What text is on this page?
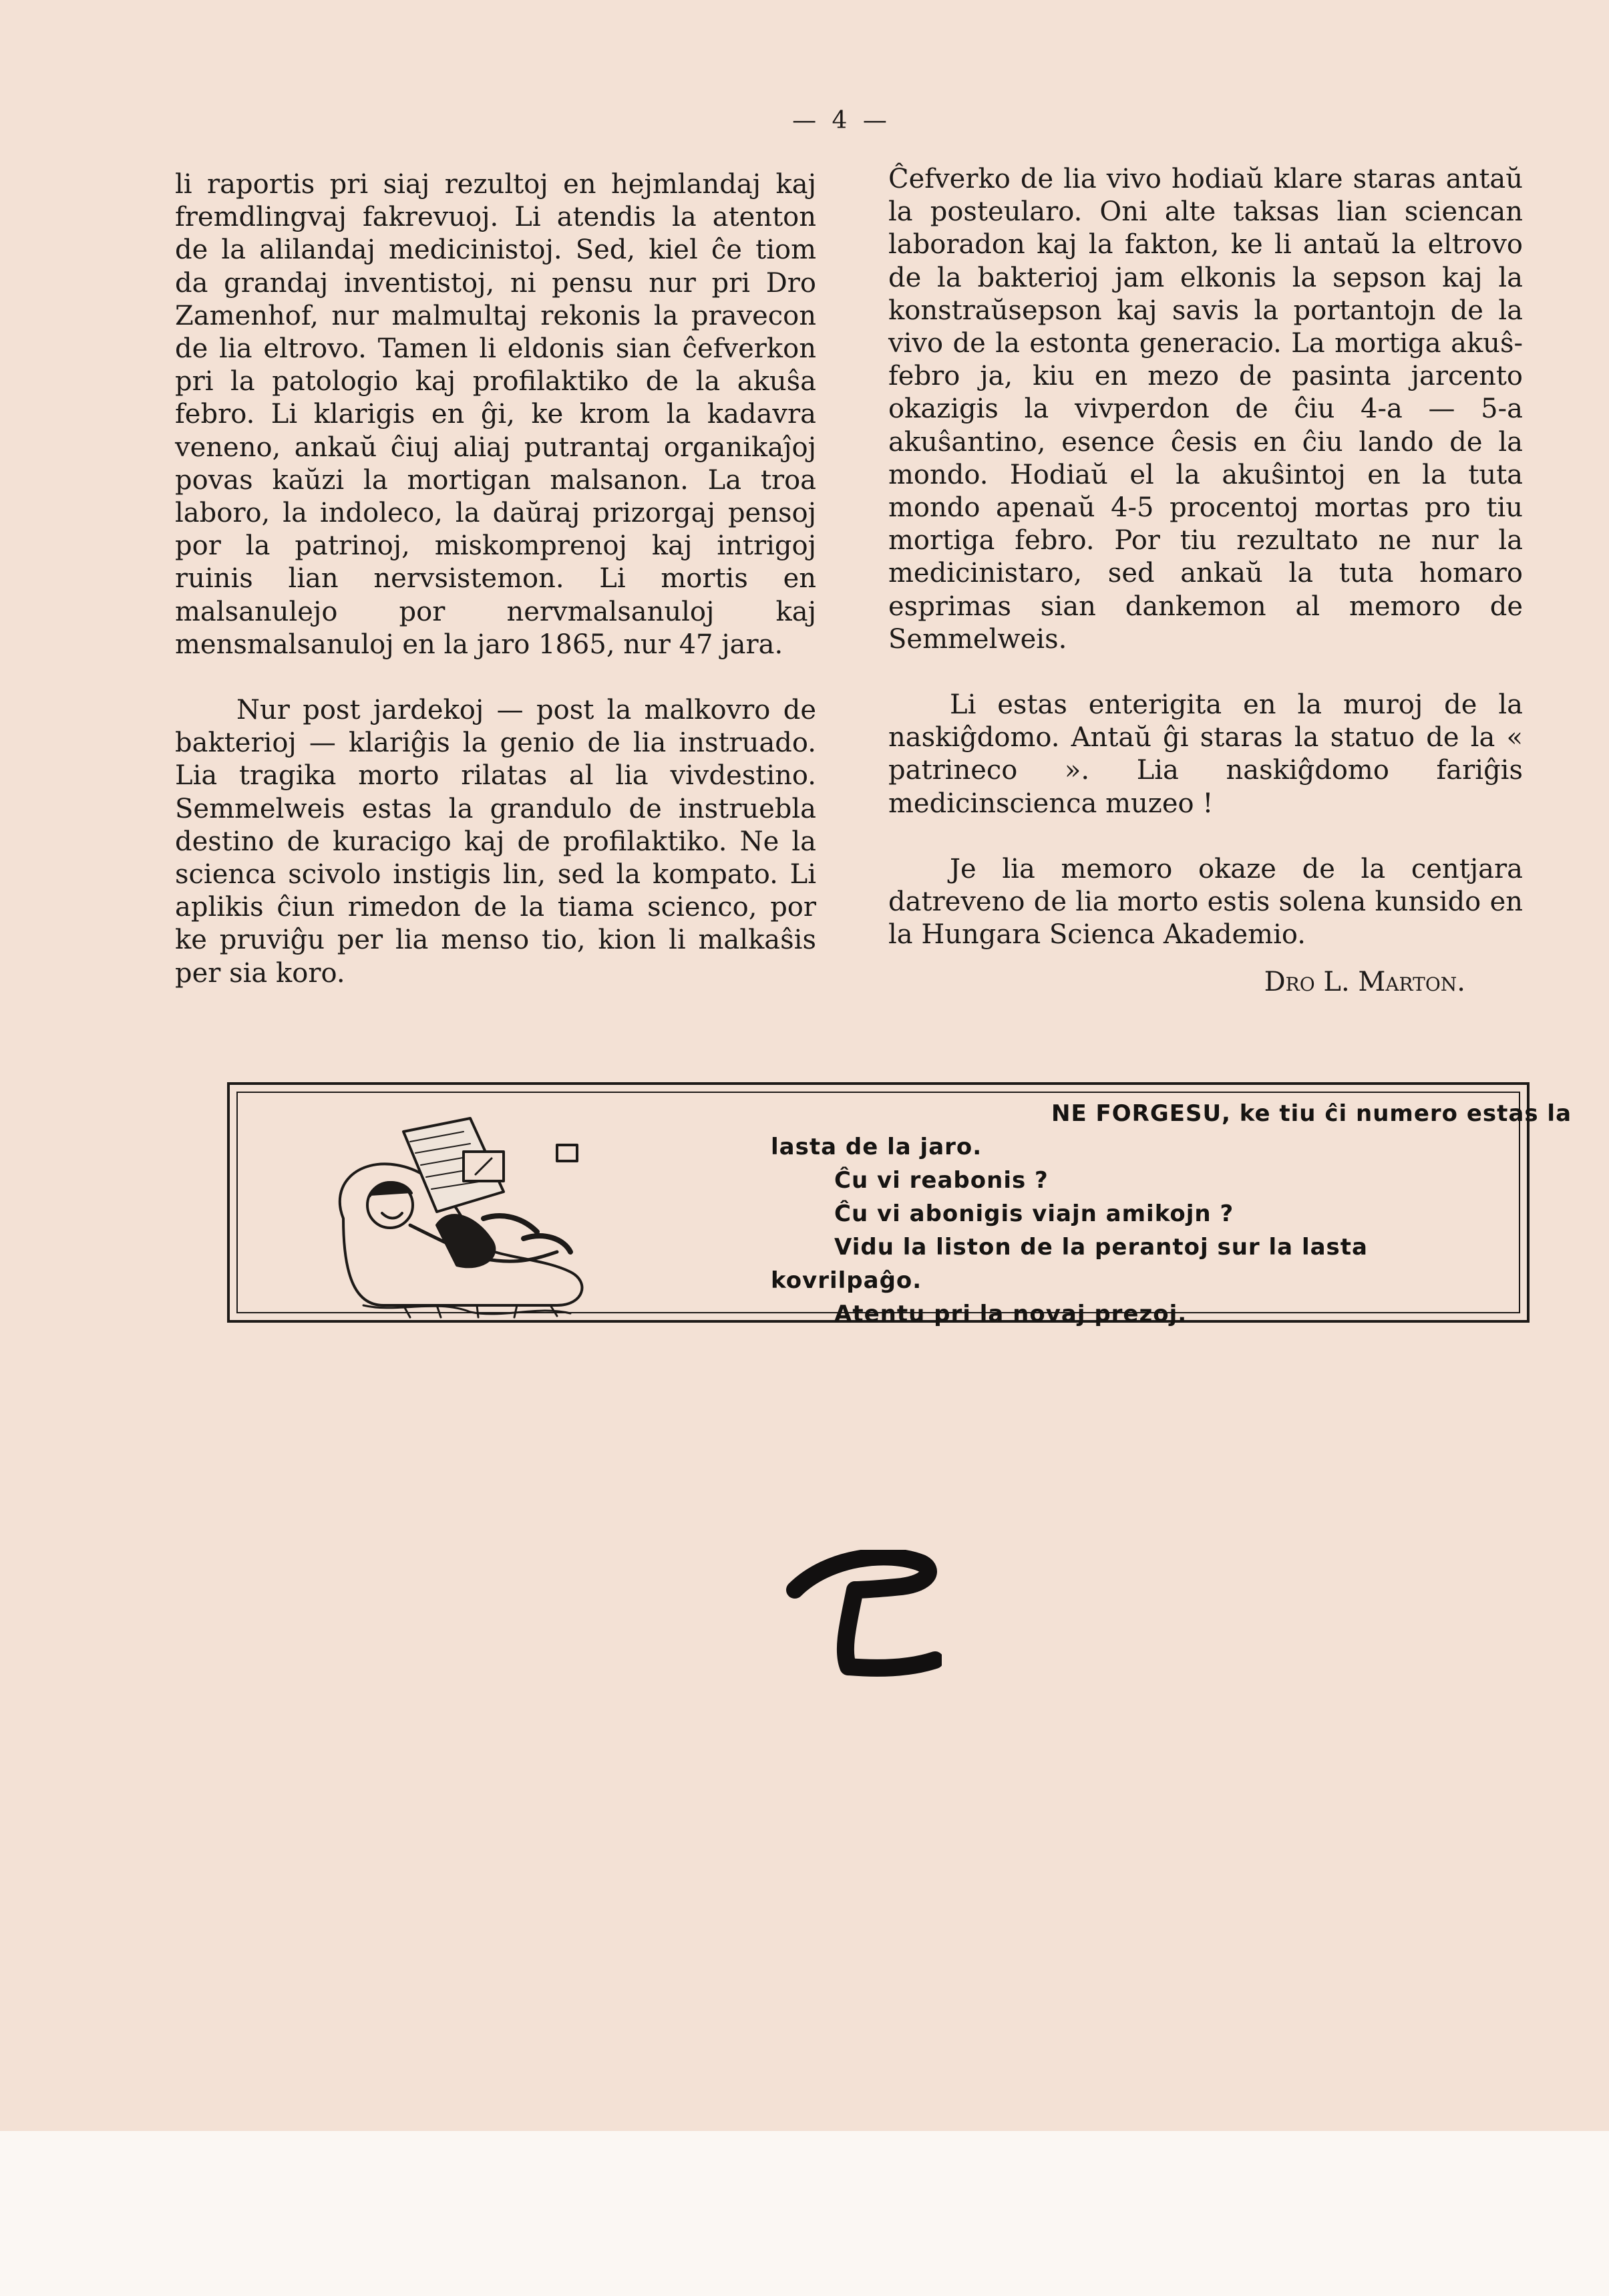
— 4 —

li raportis pri siaj rezultoj en hejmlandaj kaj fremdlingvaj fakrevuoj. Li atendis la atenton de la alilandaj medicinistoj. Sed, kiel ĉe tiom da grandaj inventistoj, ni pensu nur pri Dro Zamenhof, nur malmultaj rekonis la pravecon de lia eltrovo. Tamen li eldonis sian ĉefverkon pri la patologio kaj profilaktiko de la akuŝa febro. Li klarigis en ĝi, ke krom la kadavra veneno, ankaŭ ĉiuj aliaj putrantaj organikaĵoj povas kaŭzi la mortigan malsanon. La troa laboro, la indoleco, la daŭraj prizorgaj pensoj por la patrinoj, miskomprenoj kaj intrigoj ruinis lian nervsistemon. Li mortis en malsanulejo por nervmalsanuloj kaj mensmalsanuloj en la jaro 1865, nur 47 jara.

Nur post jardekoj — post la malkovro de bakterioj — klariĝis la genio de lia instruado. Lia tragika morto rilatas al lia vivdestino. Semmelweis estas la grandulo de instruebla destino de kuracigo kaj de profilaktiko. Ne la scienca scivolo instigis lin, sed la kompato. Li aplikis ĉiun rimedon de la tiama scienco, por ke pruviĝu per lia menso tio, kion li malkaŝis per sia koro.

Ĉefverko de lia vivo hodiaŭ klare staras antaŭ la posteularo. Oni alte taksas lian sciencan laboradon kaj la fakton, ke li antaŭ la eltrovo de la bakterioj jam elkonis la sepson kaj la konstraŭsepson kaj savis la portantojn de la vivo de la estonta generacio. La mortiga akuŝ-febro ja, kiu en mezo de pasinta jarcento okazigis la vivperdon de ĉiu 4-a — 5-a akuŝantino, esence ĉesis en ĉiu lando de la mondo. Hodiaŭ el la akuŝintoj en la tuta mondo apenaŭ 4-5 procentoj mortas pro tiu mortiga febro. Por tiu rezultato ne nur la medicinistaro, sed ankaŭ la tuta homaro esprimas sian dankemon al memoro de Semmelweis.

Li estas enterigita en la muroj de la naskiĝdomo. Antaŭ ĝi staras la statuo de la « patrineco ». Lia naskiĝdomo fariĝis medicinscienca muzeo !

Je lia memoro okaze de la centjara datreveno de lia morto estis solena kunsido en la Hungara Scienca Akademio.

Dro L. Marton.

NE FORGESU, ke tiu ĉi numero estas la
lasta de la jaro.
Ĉu vi reabonis ?
Ĉu vi abonigis viajn amikojn ?
Vidu la liston de la perantoj sur la lasta
kovrilpaĝo.
Atentu pri la novaj prezoj.
